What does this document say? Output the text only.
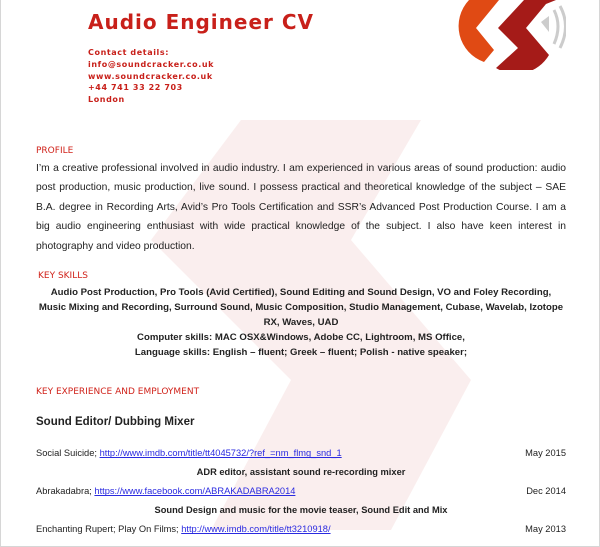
Audio Engineer CV
Contact details:
info@soundcracker.co.uk
www.soundcracker.co.uk
+44 741 33 22 703
London
PROFILE
I’m a creative professional involved in audio industry. I am experienced in various areas of sound production: audio post production, music production, live sound. I possess practical and theoretical knowledge of the subject – SAE B.A. degree in Recording Arts, Avid’s Pro Tools Certification and SSR’s Advanced Post Production Course. I am a big audio engineering enthusiast with wide practical knowledge of the subject. I also have keen interest in photography and video production.
KEY SKILLS
Audio Post Production, Pro Tools (Avid Certified), Sound Editing and Sound Design, VO and Foley Recording, Music Mixing and Recording, Surround Sound, Music Composition, Studio Management, Cubase, Wavelab, Izotope RX, Waves, UAD
Computer skills: MAC OSX&Windows, Adobe CC, Lightroom, MS Office,
Language skills: English – fluent; Greek – fluent; Polish - native speaker;
KEY EXPERIENCE AND EMPLOYMENT
Sound Editor/ Dubbing Mixer
Social Suicide; http://www.imdb.com/title/tt4045732/?ref_=nm_flmg_snd_1	May 2015
ADR editor, assistant sound re-recording mixer
Abrakadabra; https://www.facebook.com/ABRAKADABRA2014	Dec 2014
Sound Design and music for the movie teaser, Sound Edit and Mix
Enchanting Rupert; Play On Films; http://www.imdb.com/title/tt3210918/	May 2013
